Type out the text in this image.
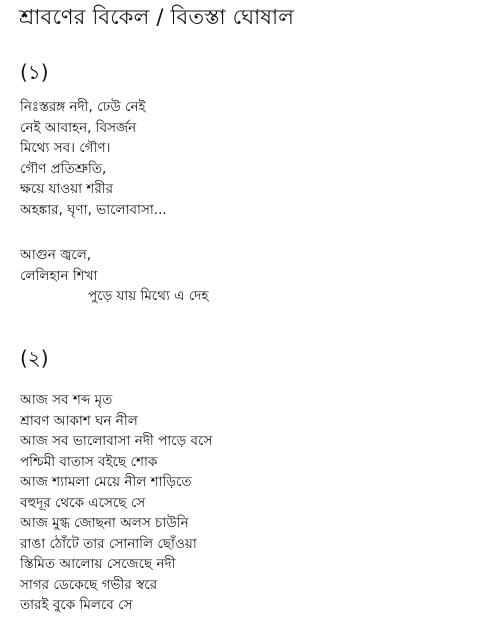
শ্রাবণের বিকেল / বিতস্তা ঘোষাল
(১)
নিঃস্তরঙ্গ নদী, ঢেউ নেই
নেই আবাহন, বিসর্জন
মিথ্যে সব। গৌণ।
গৌণ প্রতিশ্রুতি,
ক্ষয়ে যাওয়া শরীর
অহঙ্কার, ঘৃণা, ভালোবাসা...
আগুন জ্বলে,
লেলিহান শিখা
পুড়ে যায় মিথ্যে এ দেহ
(২)
আজ সব শব্দ মৃত
শ্রাবণ আকাশ ঘন নীল
আজ সব ভালোবাসা নদী পাড়ে বসে
পশ্চিমী বাতাস বইছে শোক
আজ শ্যামলা মেয়ে নীল শাড়িতে
বহুদূর থেকে এসেছে সে
আজ মুগ্ধ জোছনা অলস চাউনি
রাঙা ঠোঁটে তার সোনালি ছোঁওয়া
স্তিমিত আলোয় সেজেছে নদী
সাগর ডেকেছে গভীর স্বরে
তারই বুকে মিলবে সে
